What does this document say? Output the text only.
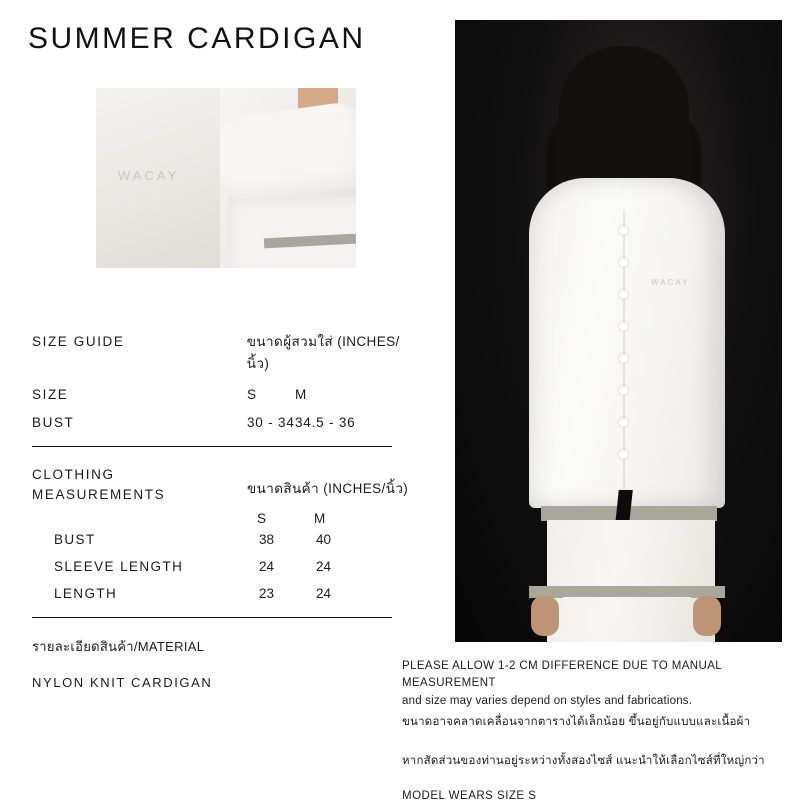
SUMMER CARDIGAN
WACAY
SIZE GUIDE	ขนาดผู้สวมใส่ (INCHES/นิ้ว)
SIZE	S	M
BUST	30 - 34 34.5 - 36
CLOTHING
MEASUREMENTS	ขนาดสินค้า (INCHES/นิ้ว)
S	M
BUST	38	40
SLEEVE LENGTH	24	24
LENGTH	23	24
รายละเอียดสินค้า/MATERIAL
NYLON KNIT CARDIGAN
PLEASE ALLOW 1-2 CM DIFFERENCE DUE TO MANUAL MEASUREMENT
and size may varies depend on styles and fabrications.
ขนาดอาจคลาดเคลื่อนจากตารางได้เล็กน้อย ขึ้นอยู่กับแบบและเนื้อผ้า
หากสัดส่วนของท่านอยู่ระหว่างทั้งสองไซส์ แนะนำให้เลือกไซส์ที่ใหญ่กว่า
MODEL WEARS SIZE S
WACAY
